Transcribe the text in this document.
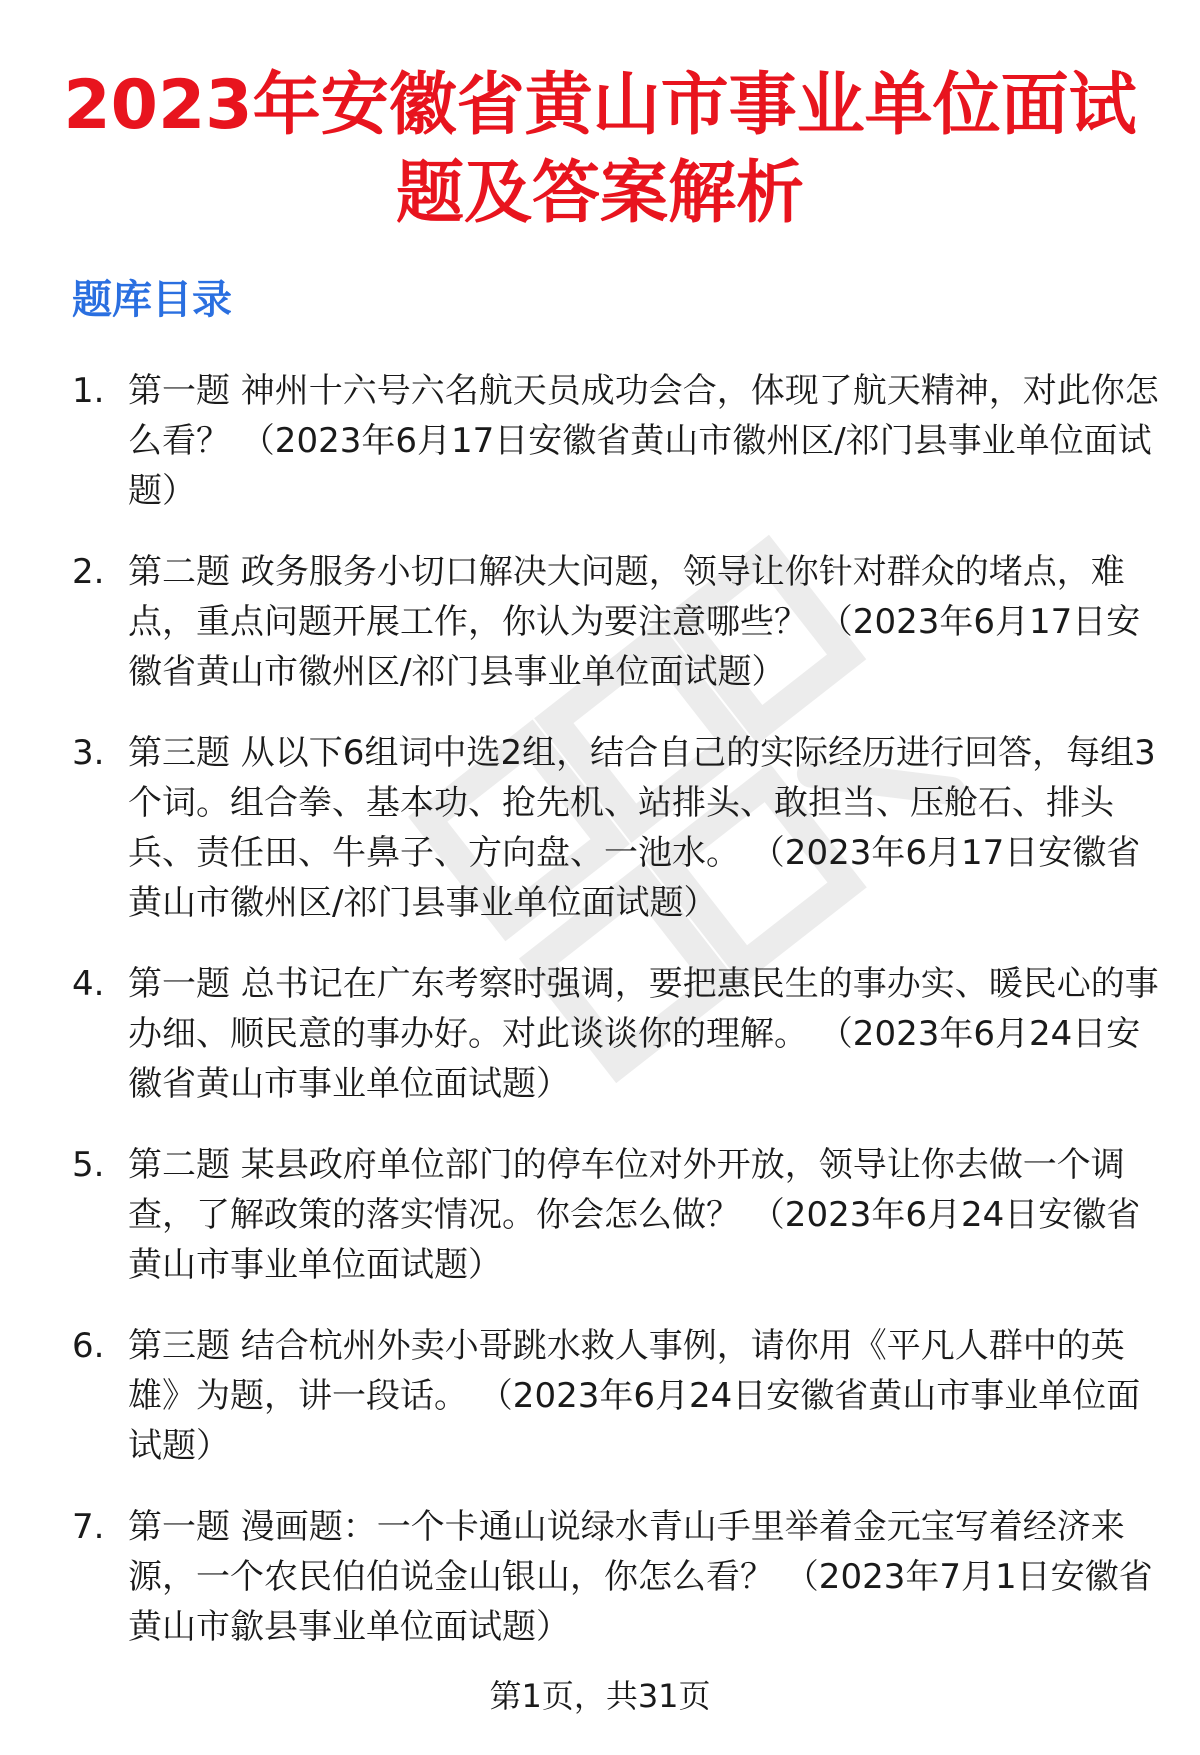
2023年安徽省黄山市事业单位面试题及答案解析
题库目录
1. 第一题 神州十六号六名航天员成功会合，体现了航天精神，对此你怎么看？ （2023年6月17日安徽省黄山市徽州区/祁门县事业单位面试题）
2. 第二题 政务服务小切口解决大问题，领导让你针对群众的堵点，难点，重点问题开展工作，你认为要注意哪些？ （2023年6月17日安徽省黄山市徽州区/祁门县事业单位面试题）
3. 第三题 从以下6组词中选2组，结合自己的实际经历进行回答，每组3个词。组合拳、基本功、抢先机、站排头、敢担当、压舱石、排头兵、责任田、牛鼻子、方向盘、一池水。 （2023年6月17日安徽省黄山市徽州区/祁门县事业单位面试题）
4. 第一题 总书记在广东考察时强调，要把惠民生的事办实、暖民心的事办细、顺民意的事办好。对此谈谈你的理解。 （2023年6月24日安徽省黄山市事业单位面试题）
5. 第二题 某县政府单位部门的停车位对外开放，领导让你去做一个调查，了解政策的落实情况。你会怎么做？ （2023年6月24日安徽省黄山市事业单位面试题）
6. 第三题 结合杭州外卖小哥跳水救人事例，请你用《平凡人群中的英雄》为题，讲一段话。 （2023年6月24日安徽省黄山市事业单位面试题）
7. 第一题 漫画题：一个卡通山说绿水青山手里举着金元宝写着经济来源，一个农民伯伯说金山银山，你怎么看？ （2023年7月1日安徽省黄山市歙县事业单位面试题）
第1页，共31页
